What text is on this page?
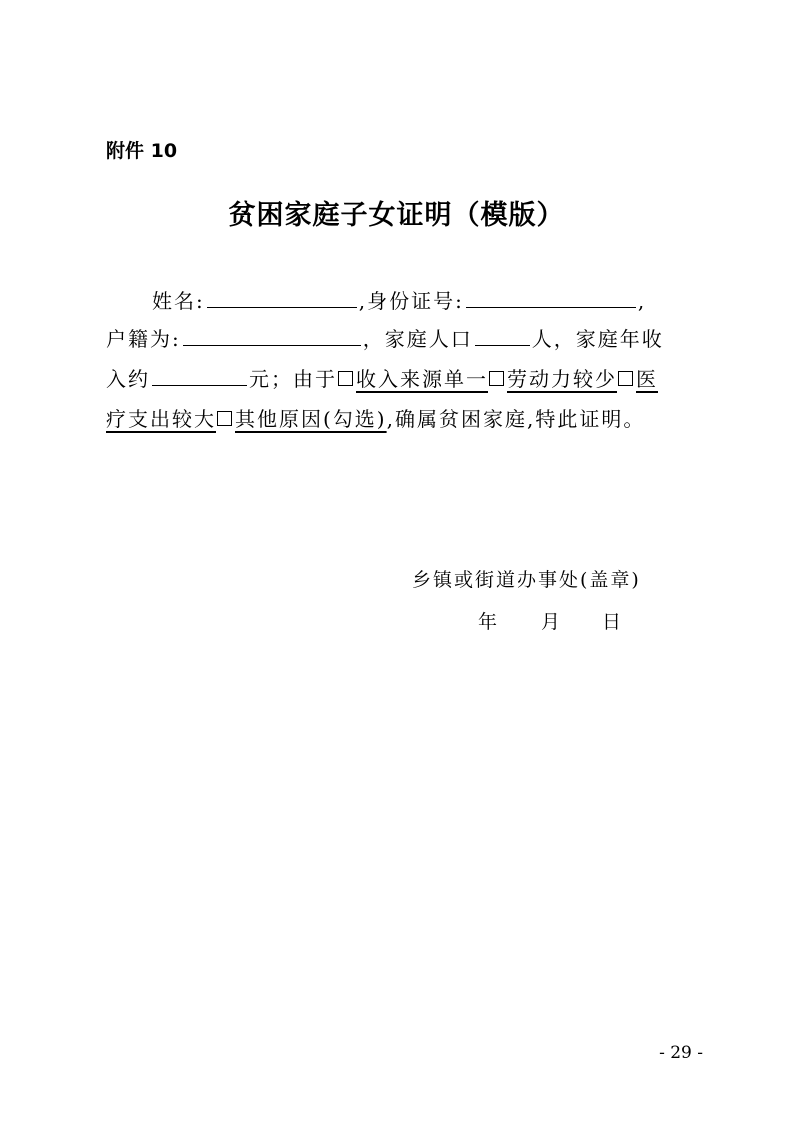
附件 10
贫困家庭子女证明（模版）
姓名:	,身份证号:	,
户籍为:	，家庭人口	人，家庭年收
入约	元；由于 收入来源单一 劳动力较少 医
疗支出较大 其他原因(勾选),确属贫困家庭,特此证明。
乡镇或街道办事处(盖章)
年 月 日
- 29 -
